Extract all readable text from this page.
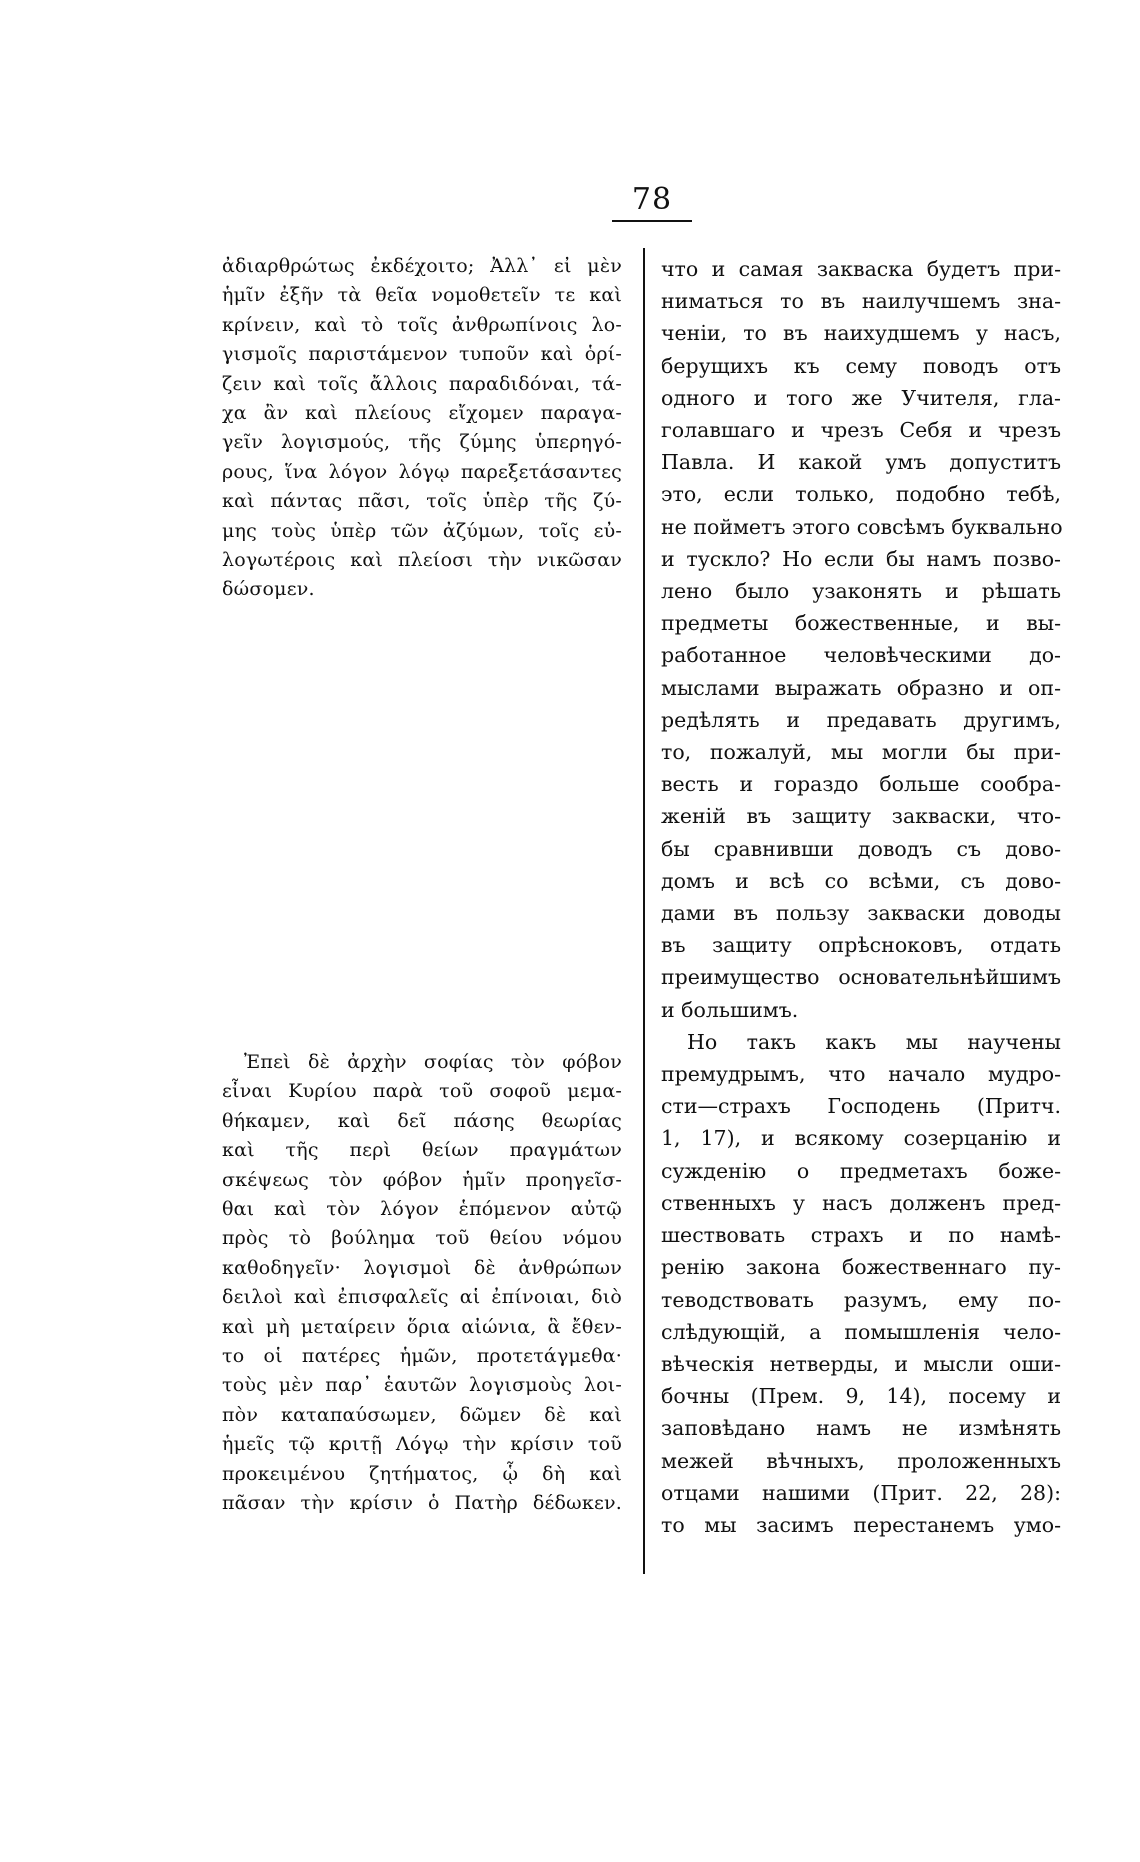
78
ἀδιαρθρώτως ἐκδέχοιτο; Ἀλλ᾽ εἰ μὲν
ἡμῖν ἐξῆν τὰ θεῖα νομοθετεῖν τε καὶ
κρίνειν, καὶ τὸ τοῖς ἀνθρωπίνοις λο-
γισμοῖς παριστάμενον τυποῦν καὶ ὁρί-
ζειν καὶ τοῖς ἄλλοις παραδιδόναι, τά-
χα ἂν καὶ πλείους εἴχομεν παραγα-
γεῖν λογισμούς, τῆς ζύμης ὑπερηγό-
ρους, ἵνα λόγον λόγῳ παρεξετάσαντες
καὶ πάντας πᾶσι, τοῖς ὑπὲρ τῆς ζύ-
μης τοὺς ὑπὲρ τῶν ἀζύμων, τοῖς εὐ-
λογωτέροις καὶ πλείοσι τὴν νικῶσαν
δώσομεν.
Ἐπεὶ δὲ ἀρχὴν σοφίας τὸν φόβον
εἶναι Κυρίου παρὰ τοῦ σοφοῦ μεμα-
θήκαμεν, καὶ δεῖ πάσης θεωρίας
καὶ τῆς περὶ θείων πραγμάτων
σκέψεως τὸν φόβον ἡμῖν προηγεῖσ-
θαι καὶ τὸν λόγον ἑπόμενον αὐτῷ
πρὸς τὸ βούλημα τοῦ θείου νόμου
καθοδηγεῖν· λογισμοὶ δὲ ἀνθρώπων
δειλοὶ καὶ ἐπισφαλεῖς αἱ ἐπίνοιαι, διὸ
καὶ μὴ μεταίρειν ὅρια αἰώνια, ἃ ἔθεν-
το οἱ πατέρες ἡμῶν, προτετάγμεθα·
τοὺς μὲν παρ᾽ ἑαυτῶν λογισμοὺς λοι-
πὸν καταπαύσωμεν, δῶμεν δὲ καὶ
ἡμεῖς τῷ κριτῇ Λόγῳ τὴν κρίσιν τοῦ
προκειμένου ζητήματος, ᾧ δὴ καὶ
πᾶσαν τὴν κρίσιν ὁ Πατὴρ δέδωκεν.
что и самая закваска будетъ при-
ниматься то въ наилучшемъ зна-
ченіи, то въ наихудшемъ у насъ,
берущихъ къ сему поводъ отъ
одного и того же Учителя, гла-
голавшаго и чрезъ Себя и чрезъ
Павла. И какой умъ допуститъ
это, если только, подобно тебѣ,
не пойметъ этого совсѣмъ буквально
и тускло? Но если бы намъ позво-
лено было узаконять и рѣшать
предметы божественные, и вы-
работанное человѣческими до-
мыслами выражать образно и оп-
редѣлять и предавать другимъ,
то, пожалуй, мы могли бы при-
весть и гораздо больше сообра-
женій въ защиту закваски, что-
бы сравнивши доводъ съ дово-
домъ и всѣ со всѣми, съ дово-
дами въ пользу закваски доводы
въ защиту опрѣсноковъ, отдать
преимущество основательнѣйшимъ
и большимъ.
Но такъ какъ мы научены
премудрымъ, что начало мудро-
сти—страхъ Господень (Притч.
1, 17), и всякому созерцанію и
сужденію о предметахъ боже-
ственныхъ у насъ долженъ пред-
шествовать страхъ и по намѣ-
ренію закона божественнаго пу-
теводствовать разумъ, ему по-
слѣдующій, а помышленія чело-
вѣческія нетверды, и мысли оши-
бочны (Прем. 9, 14), посему и
заповѣдано намъ не измѣнять
межей вѣчныхъ, проложенныхъ
отцами нашими (Прит. 22, 28):
то мы засимъ перестанемъ умо-
